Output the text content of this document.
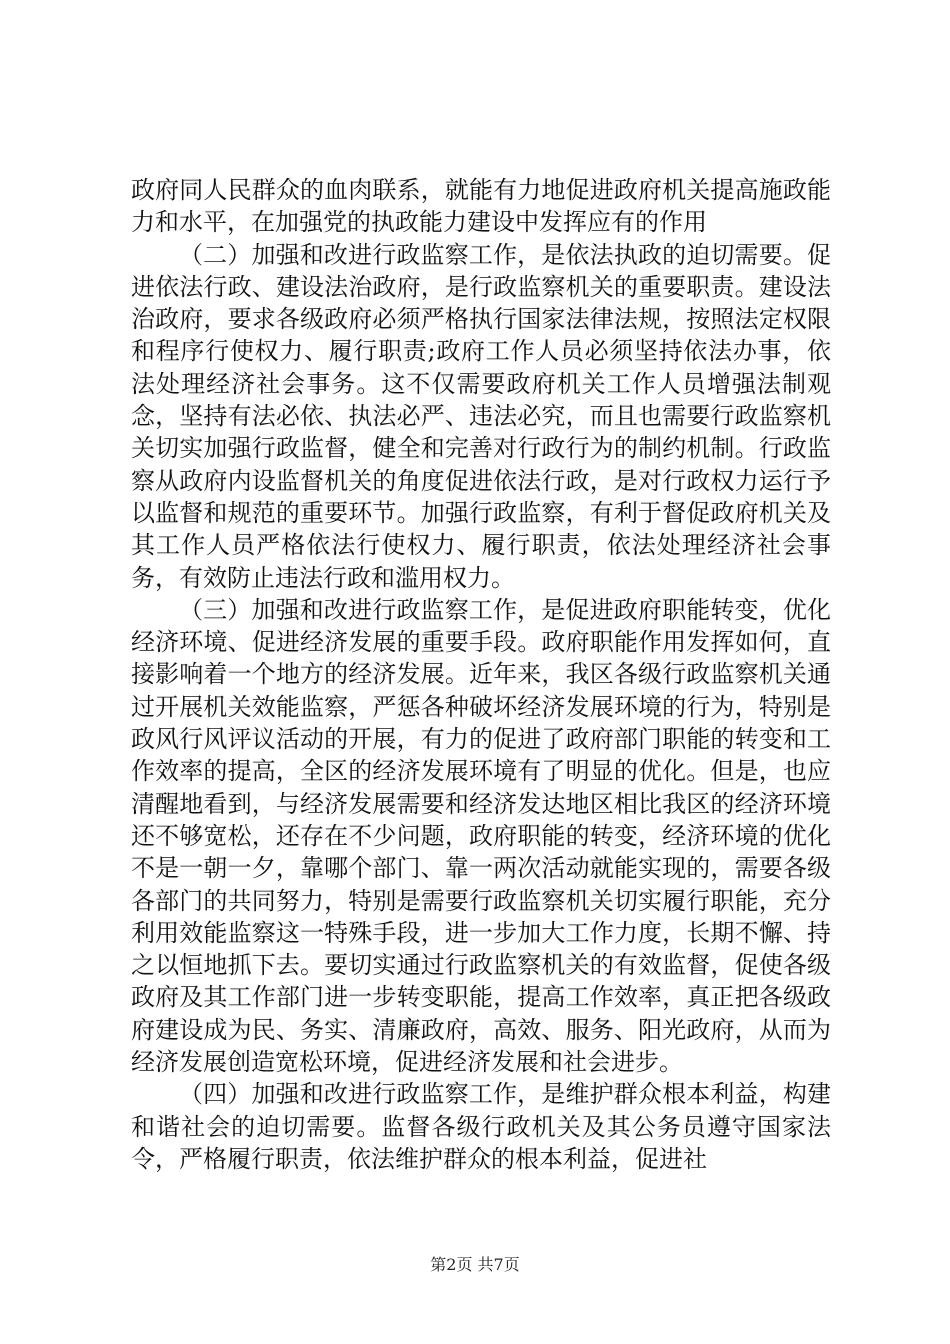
政府同人民群众的血肉联系，就能有力地促进政府机关提高施政能力和水平，在加强党的执政能力建设中发挥应有的作用

（二）加强和改进行政监察工作，是依法执政的迫切需要。促进依法行政、建设法治政府，是行政监察机关的重要职责。建设法治政府，要求各级政府必须严格执行国家法律法规，按照法定权限和程序行使权力、履行职责;政府工作人员必须坚持依法办事，依法处理经济社会事务。这不仅需要政府机关工作人员增强法制观念，坚持有法必依、执法必严、违法必究，而且也需要行政监察机关切实加强行政监督，健全和完善对行政行为的制约机制。行政监察从政府内设监督机关的角度促进依法行政，是对行政权力运行予以监督和规范的重要环节。加强行政监察，有利于督促政府机关及其工作人员严格依法行使权力、履行职责，依法处理经济社会事务，有效防止违法行政和滥用权力。

（三）加强和改进行政监察工作，是促进政府职能转变，优化经济环境、促进经济发展的重要手段。政府职能作用发挥如何，直接影响着一个地方的经济发展。近年来，我区各级行政监察机关通过开展机关效能监察，严惩各种破坏经济发展环境的行为，特别是政风行风评议活动的开展，有力的促进了政府部门职能的转变和工作效率的提高，全区的经济发展环境有了明显的优化。但是，也应清醒地看到，与经济发展需要和经济发达地区相比我区的经济环境还不够宽松，还存在不少问题，政府职能的转变，经济环境的优化不是一朝一夕，靠哪个部门、靠一两次活动就能实现的，需要各级各部门的共同努力，特别是需要行政监察机关切实履行职能，充分利用效能监察这一特殊手段，进一步加大工作力度，长期不懈、持之以恒地抓下去。要切实通过行政监察机关的有效监督，促使各级政府及其工作部门进一步转变职能，提高工作效率，真正把各级政府建设成为民、务实、清廉政府，高效、服务、阳光政府，从而为经济发展创造宽松环境，促进经济发展和社会进步。

（四）加强和改进行政监察工作，是维护群众根本利益，构建和谐社会的迫切需要。监督各级行政机关及其公务员遵守国家法令，严格履行职责，依法维护群众的根本利益，促进社

第2页 共7页
